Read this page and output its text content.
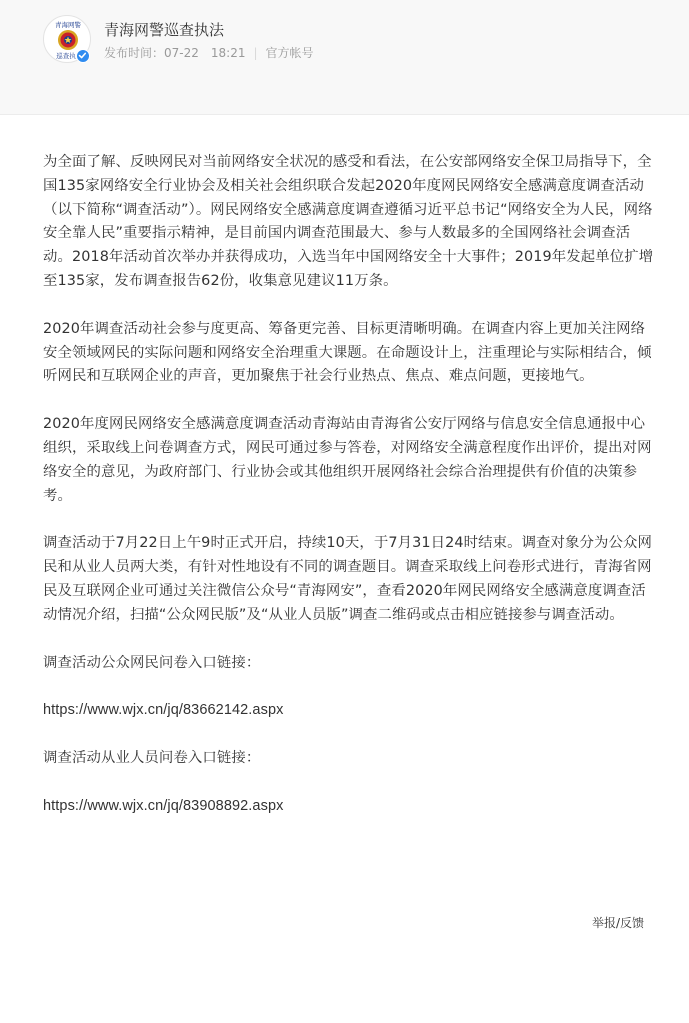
青海网警
巡查执
青海网警巡查执法
发布时间：07-22 18:21 | 官方帐号

为全面了解、反映网民对当前网络安全状况的感受和看法，在公安部网络安全保卫局指导下，全国135家网络安全行业协会及相关社会组织联合发起2020年度网民网络安全感满意度调查活动（以下简称“调查活动”）。网民网络安全感满意度调查遵循习近平总书记“网络安全为人民，网络安全靠人民”重要指示精神，是目前国内调查范围最大、参与人数最多的全国网络社会调查活动。2018年活动首次举办并获得成功，入选当年中国网络安全十大事件；2019年发起单位扩增至135家，发布调查报告62份，收集意见建议11万条。

2020年调查活动社会参与度更高、筹备更完善、目标更清晰明确。在调查内容上更加关注网络安全领域网民的实际问题和网络安全治理重大课题。在命题设计上，注重理论与实际相结合，倾听网民和互联网企业的声音，更加聚焦于社会行业热点、焦点、难点问题，更接地气。

2020年度网民网络安全感满意度调查活动青海站由青海省公安厅网络与信息安全信息通报中心组织，采取线上问卷调查方式，网民可通过参与答卷，对网络安全满意程度作出评价，提出对网络安全的意见，为政府部门、行业协会或其他组织开展网络社会综合治理提供有价值的决策参考。

调查活动于7月22日上午9时正式开启，持续10天，于7月31日24时结束。调查对象分为公众网民和从业人员两大类，有针对性地设有不同的调查题目。调查采取线上问卷形式进行，青海省网民及互联网企业可通过关注微信公众号“青海网安”，查看2020年网民网络安全感满意度调查活动情况介绍，扫描“公众网民版”及“从业人员版”调查二维码或点击相应链接参与调查活动。

调查活动公众网民问卷入口链接：

https://www.wjx.cn/jq/83662142.aspx

调查活动从业人员问卷入口链接：

https://www.wjx.cn/jq/83908892.aspx

举报/反馈
